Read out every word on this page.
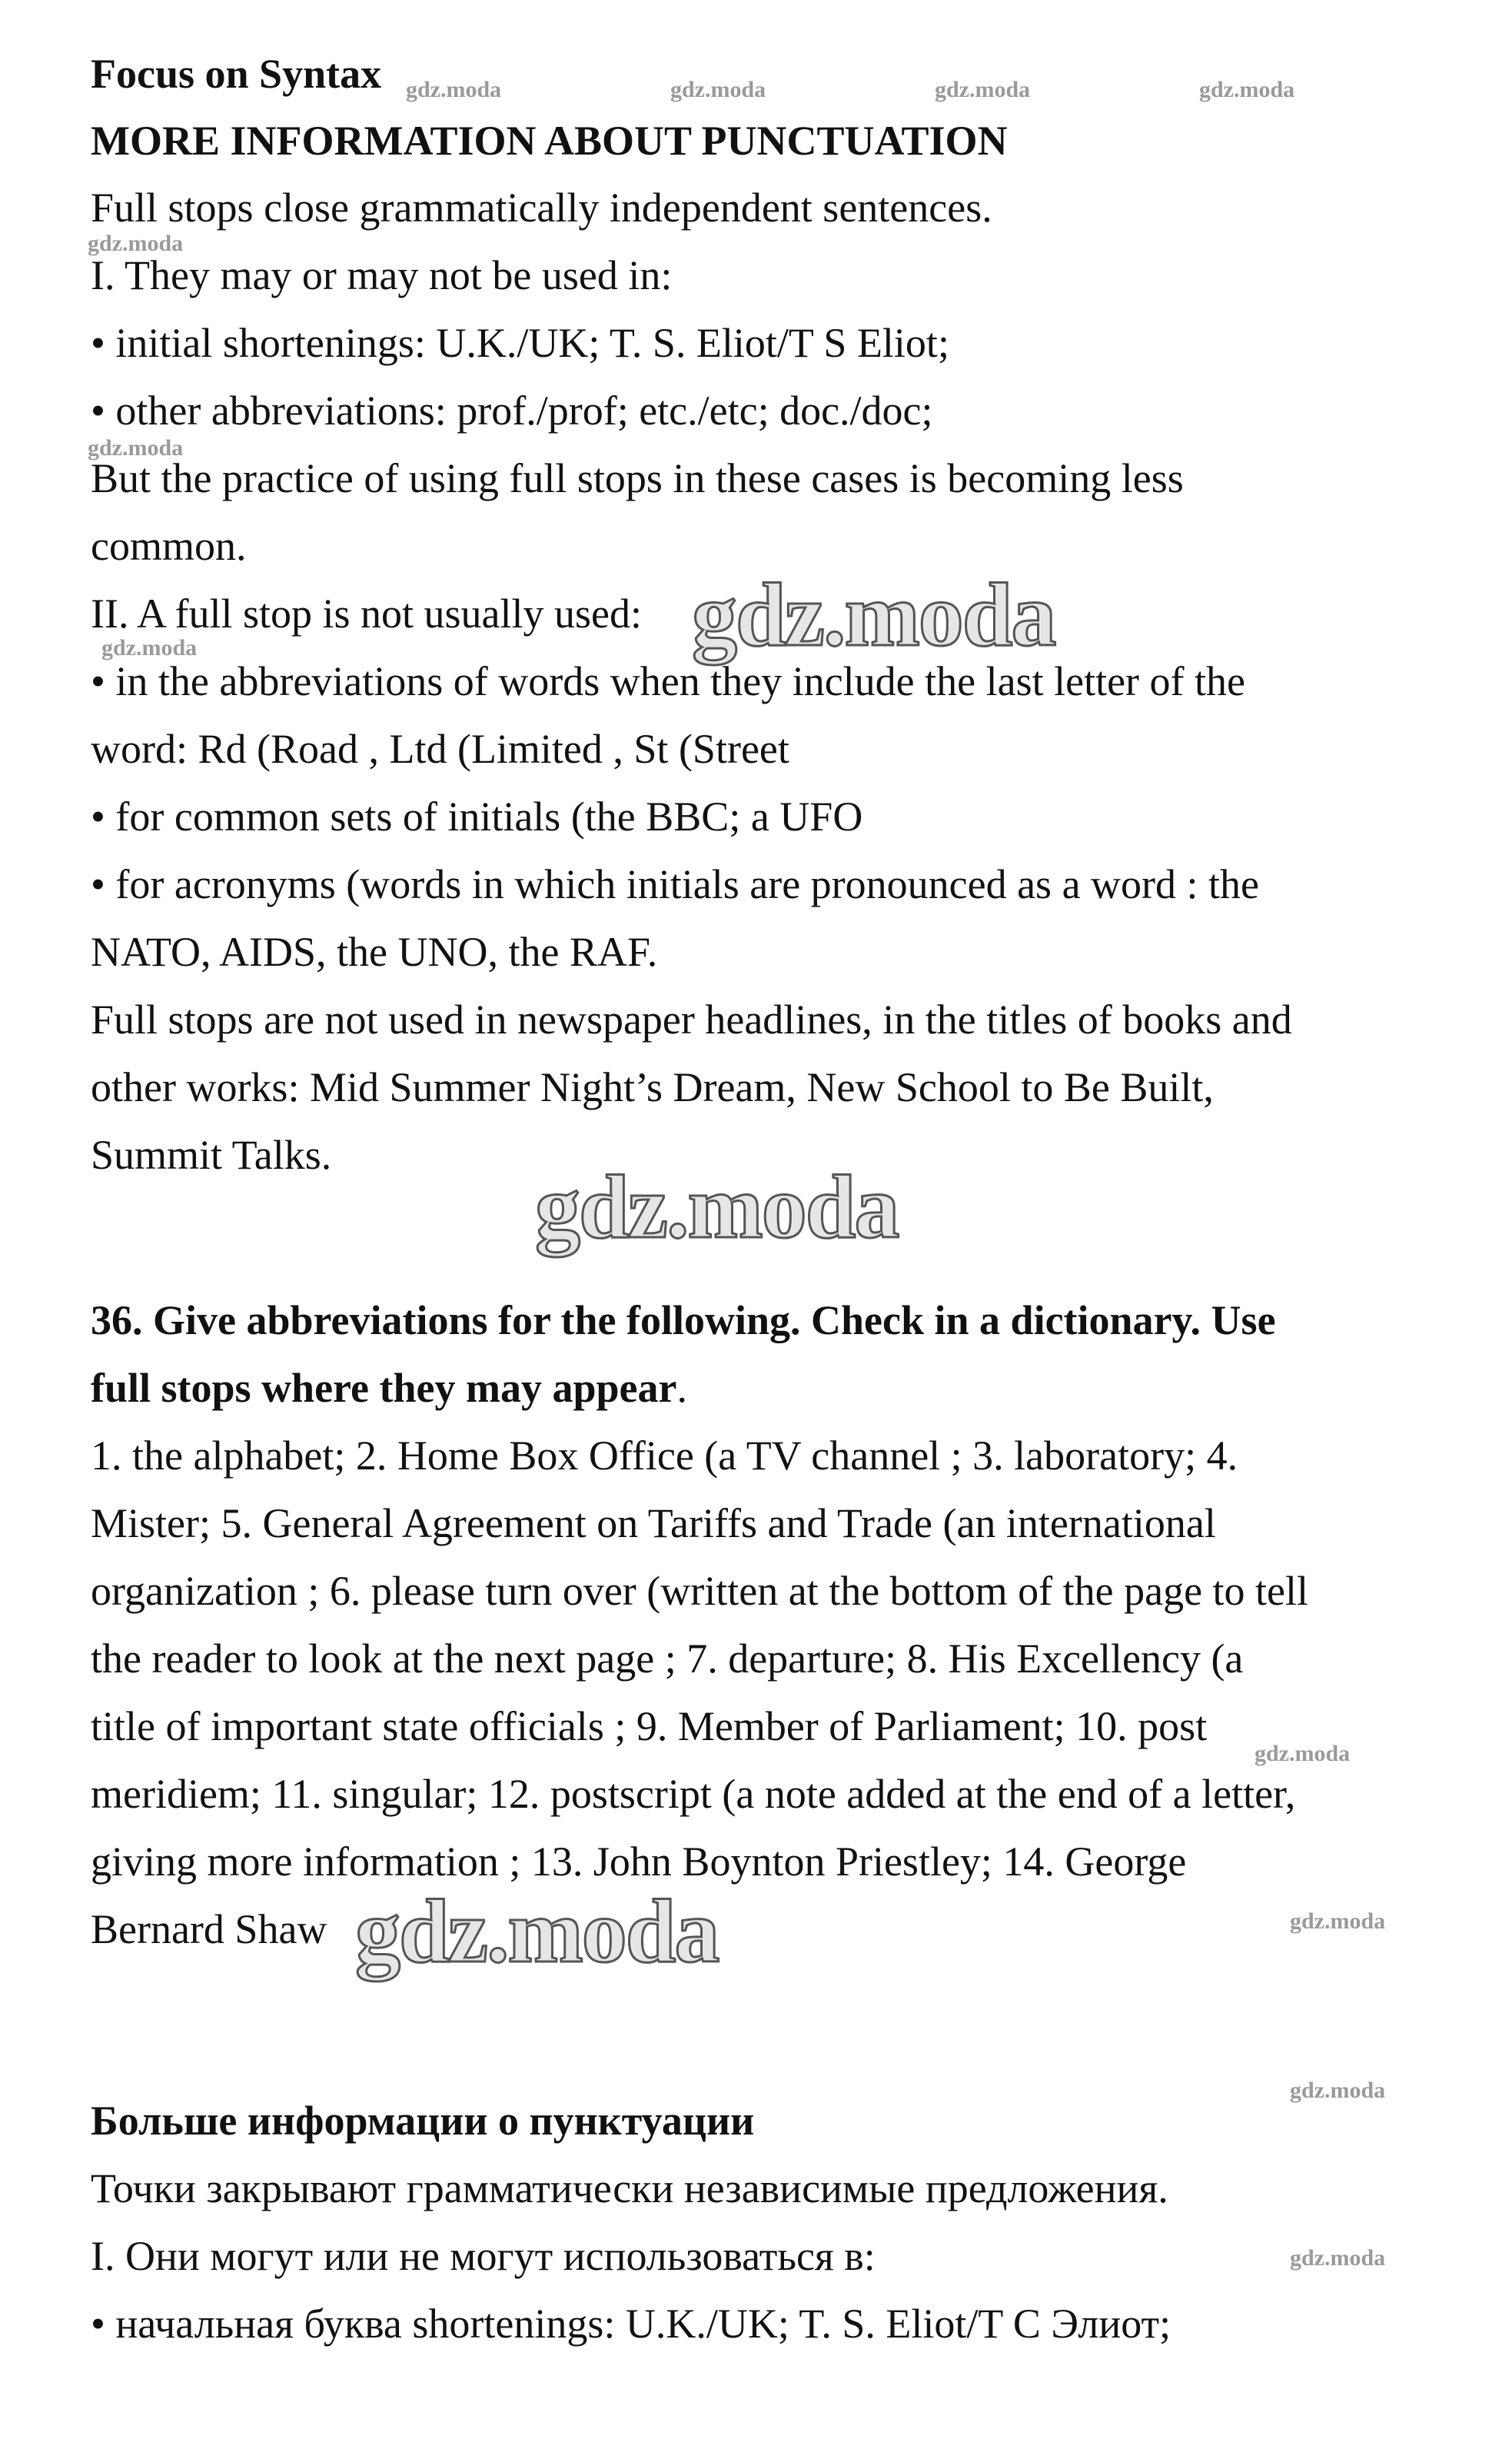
Focus on Syntax
MORE INFORMATION ABOUT PUNCTUATION
Full stops close grammatically independent sentences.
I. They may or may not be used in:
• initial shortenings: U.K./UK; T. S. Eliot/T S Eliot;
• other abbreviations: prof./prof; etc./etc; doc./doc;
But the practice of using full stops in these cases is becoming less
common.
II. A full stop is not usually used:
• in the abbreviations of words when they include the last letter of the
word: Rd (Road , Ltd (Limited , St (Street
• for common sets of initials (the BBC; a UFO
• for acronyms (words in which initials are pronounced as a word : the
NATO, AIDS, the UNO, the RAF.
Full stops are not used in newspaper headlines, in the titles of books and
other works: Mid Summer Night’s Dream, New School to Be Built,
Summit Talks.
36. Give abbreviations for the following. Check in a dictionary. Use
full stops where they may appear.
1. the alphabet; 2. Home Box Office (a TV channel ; 3. laboratory; 4.
Mister; 5. General Agreement on Tariffs and Trade (an international
organization ; 6. please turn over (written at the bottom of the page to tell
the reader to look at the next page ; 7. departure; 8. His Excellency (a
title of important state officials ; 9. Member of Parliament; 10. post
meridiem; 11. singular; 12. postscript (a note added at the end of a letter,
giving more information ; 13. John Boynton Priestley; 14. George
Bernard Shaw
Больше информации о пунктуации
Точки закрывают грамматически независимые предложения.
I. Они могут или не могут использоваться в:
• начальная буква shortenings: U.K./UK; T. S. Eliot/T С Элиот;
gdz.moda	gdz.moda	gdz.moda	gdz.moda
gdz.moda
gdz.moda
gdz.moda
gdz.moda
gdz.moda
gdz.moda
gdz.moda
gdz.moda
gdz.moda
gdz.moda
